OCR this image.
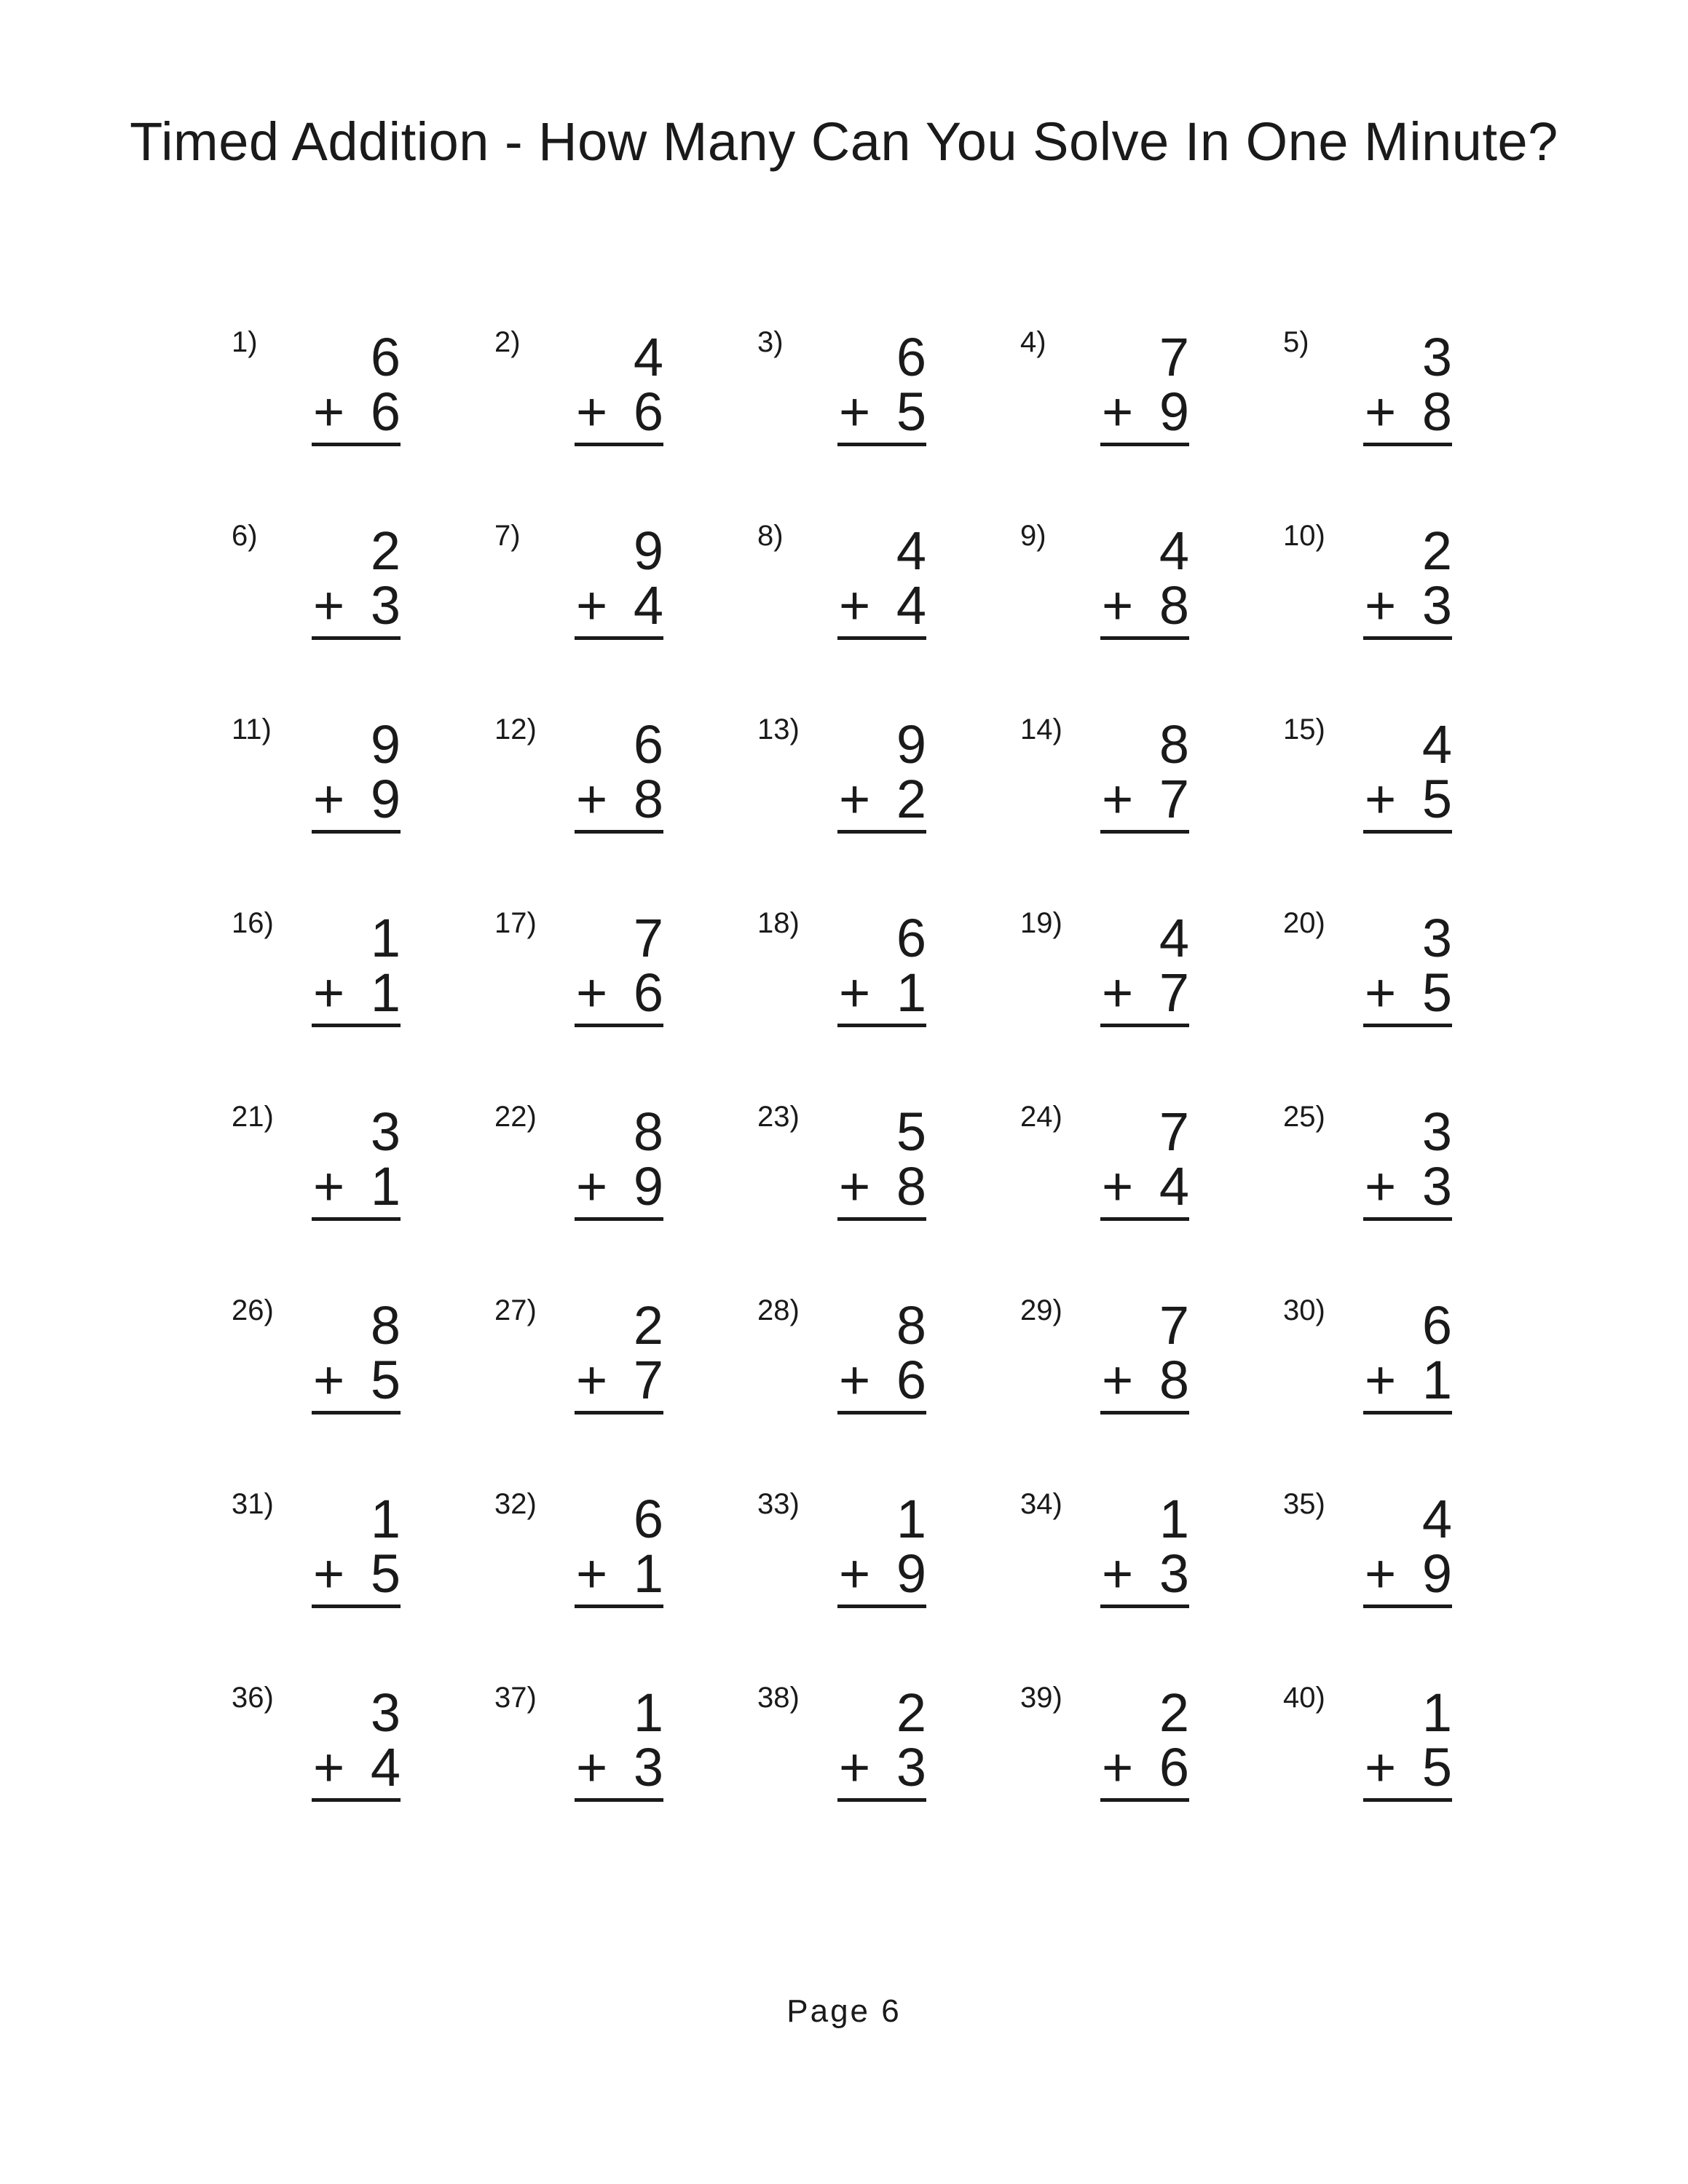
Timed Addition - How Many Can You Solve In One Minute?
1)	6
+ 6
2)	4
+ 6
3)	6
+ 5
4)	7
+ 9
5)	3
+ 8
6)	2
+ 3
7)	9
+ 4
8)	4
+ 4
9)	4
+ 8
10)	2
+ 3
11)	9
+ 9
12)	6
+ 8
13)	9
+ 2
14)	8
+ 7
15)	4
+ 5
16)	1
+ 1
17)	7
+ 6
18)	6
+ 1
19)	4
+ 7
20)	3
+ 5
21)	3
+ 1
22)	8
+ 9
23)	5
+ 8
24)	7
+ 4
25)	3
+ 3
26)	8
+ 5
27)	2
+ 7
28)	8
+ 6
29)	7
+ 8
30)	6
+ 1
31)	1
+ 5
32)	6
+ 1
33)	1
+ 9
34)	1
+ 3
35)	4
+ 9
36)	3
+ 4
37)	1
+ 3
38)	2
+ 3
39)	2
+ 6
40)	1
+ 5
Page 6
